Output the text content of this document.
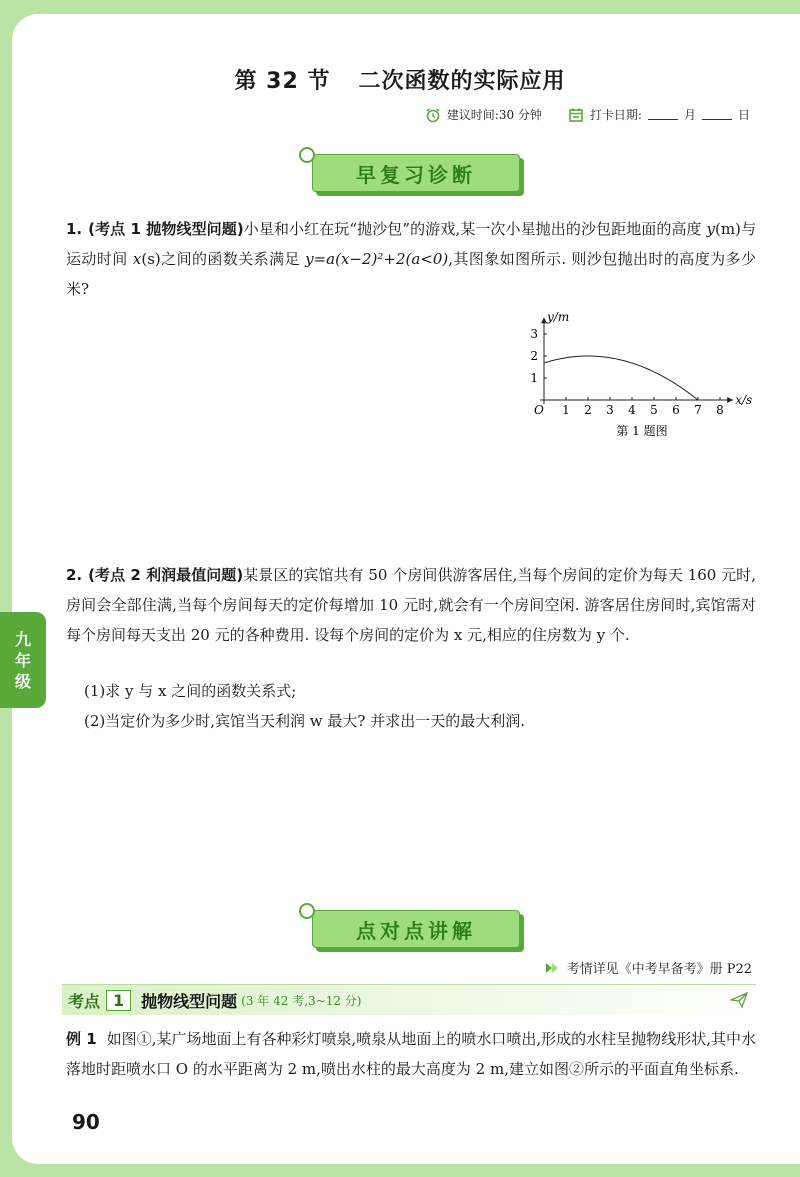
九
年
级
第 32 节 二次函数的实际应用
建议时间:30 分钟	打卡日期:	月	日
早复习诊断
1. (考点 1 抛物线型问题)小星和小红在玩“抛沙包”的游戏,某一次小星抛出的沙包距地面的高度 y(m)与运动时间 x(s)之间的函数关系满足 y=a(x−2)²+2(a<0),其图象如图所示. 则沙包抛出时的高度为多少米?
x/s
y/m
O 1 2 3 4 5 6 7 8
1
2
3
第 1 题图
2. (考点 2 利润最值问题)某景区的宾馆共有 50 个房间供游客居住,当每个房间的定价为每天 160 元时,房间会全部住满,当每个房间每天的定价每增加 10 元时,就会有一个房间空闲. 游客居住房间时,宾馆需对每个房间每天支出 20 元的各种费用. 设每个房间的定价为 x 元,相应的住房数为 y 个.
(1)求 y 与 x 之间的函数关系式;
(2)当定价为多少时,宾馆当天利润 w 最大? 并求出一天的最大利润.
点对点讲解
考情详见《中考早备考》册 P22
考点 1	抛物线型问题 (3 年 42 考,3~12 分)
例 1 如图①,某广场地面上有各种彩灯喷泉,喷泉从地面上的喷水口喷出,形成的水柱呈抛物线形状,其中水落地时距喷水口 O 的水平距离为 2 m,喷出水柱的最大高度为 2 m,建立如图②所示的平面直角坐标系.
90
